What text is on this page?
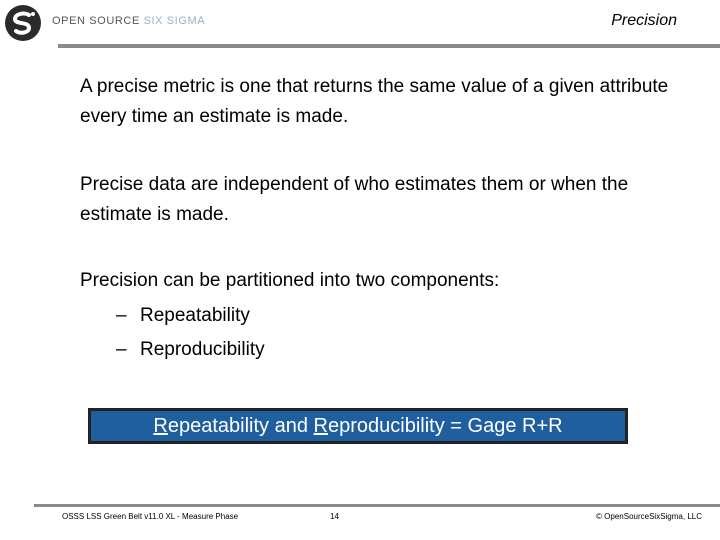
OPEN SOURCE SIX SIGMA	Precision
A precise metric is one that returns the same value of a given attribute every time an estimate is made.
Precise data are independent of who estimates them or when the estimate is made.
Precision can be partitioned into two components:
– Repeatability
– Reproducibility
Repeatability and Reproducibility = Gage R+R
OSSS LSS Green Belt v11.0 XL - Measure Phase	14	© OpenSourceSixSigma, LLC
